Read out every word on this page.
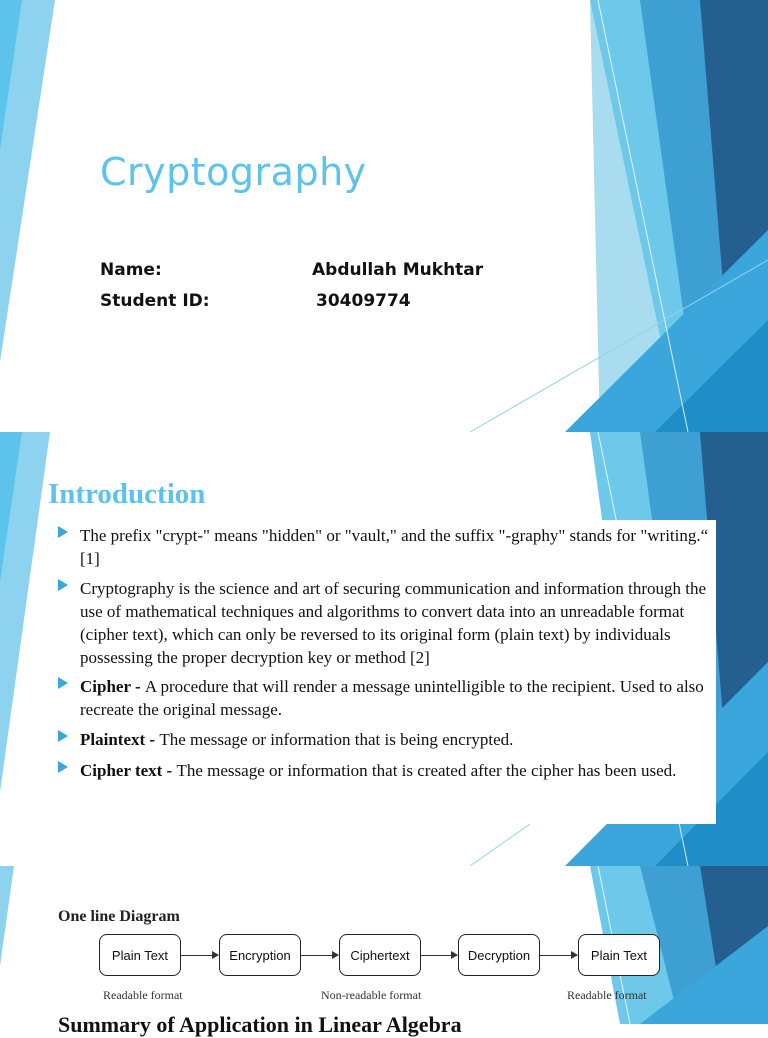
Cryptography
Name:	Abdullah Mukhtar
Student ID:	30409774
Introduction
The prefix "crypt-" means "hidden" or "vault," and the suffix "-graphy" stands for "writing.“ [1]
Cryptography is the science and art of securing communication and information through the use of mathematical techniques and algorithms to convert data into an unreadable format (cipher text), which can only be reversed to its original form (plain text) by individuals possessing the proper decryption key or method [2]
Cipher - A procedure that will render a message unintelligible to the recipient. Used to also recreate the original message.
Plaintext - The message or information that is being encrypted.
Cipher text - The message or information that is created after the cipher has been used.
One line Diagram
Plain Text	Encryption	Ciphertext	Decryption	Plain Text
Readable format	Non-readable format	Readable format
Summary of Application in Linear Algebra
